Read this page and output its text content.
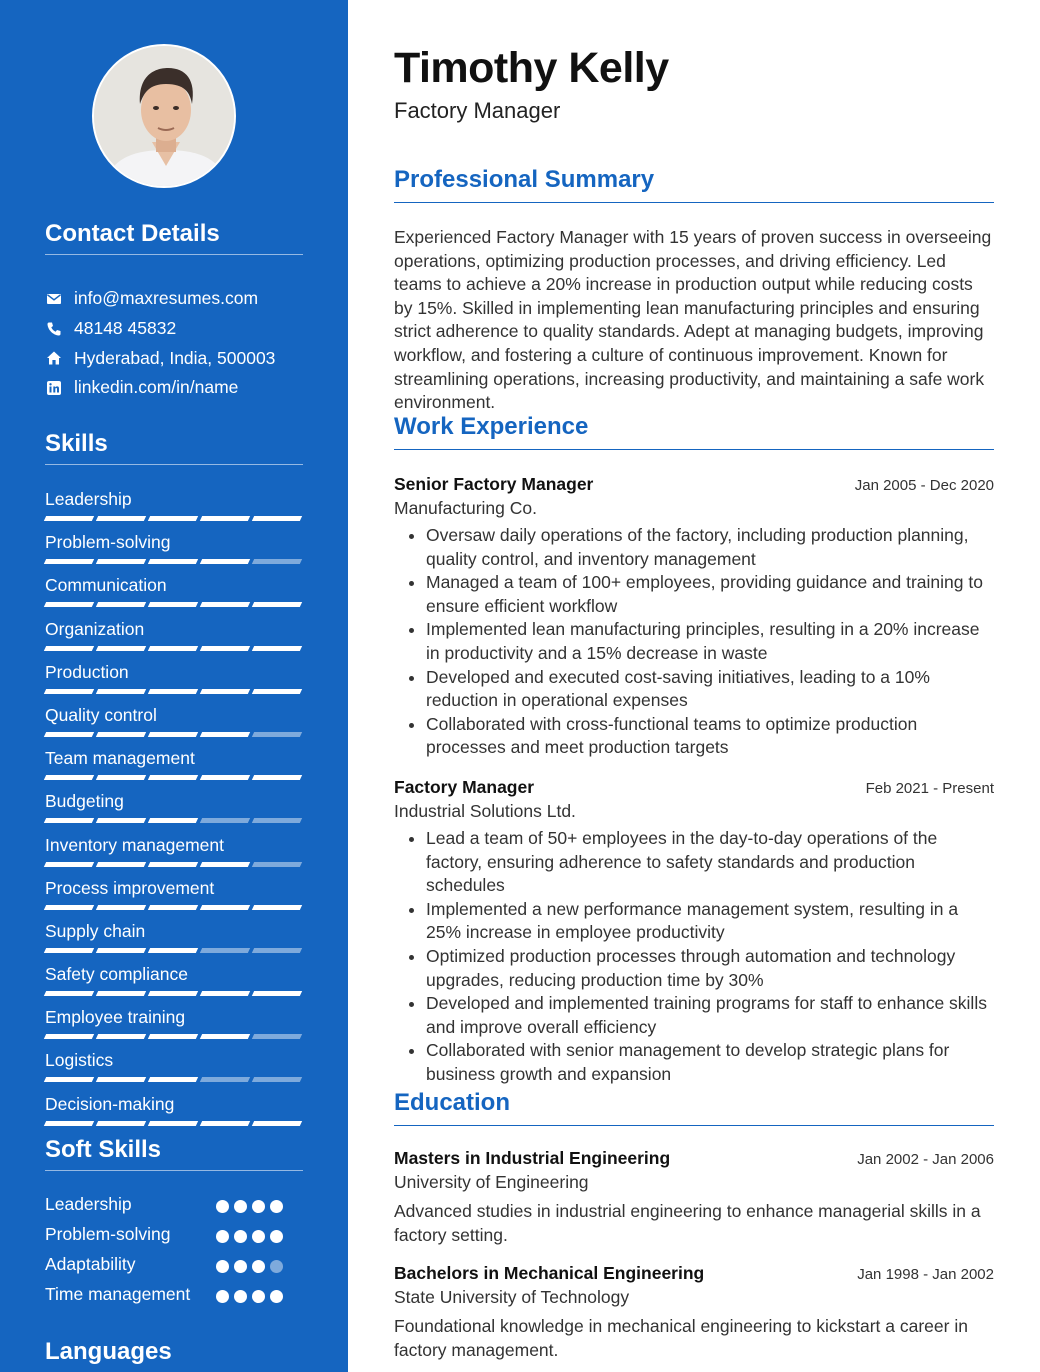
Contact Details
info@maxresumes.com
48148 45832
Hyderabad, India, 500003
linkedin.com/in/name
Skills
Leadership
Problem-solving
Communication
Organization
Production
Quality control
Team management
Budgeting
Inventory management
Process improvement
Supply chain
Safety compliance
Employee training
Logistics
Decision-making
Soft Skills
Leadership
Problem-solving
Adaptability
Time management
Languages
Timothy Kelly
Factory Manager
Professional Summary
Experienced Factory Manager with 15 years of proven success in overseeing operations, optimizing production processes, and driving efficiency. Led teams to achieve a 20% increase in production output while reducing costs by 15%. Skilled in implementing lean manufacturing principles and ensuring strict adherence to quality standards. Adept at managing budgets, improving workflow, and fostering a culture of continuous improvement. Known for streamlining operations, increasing productivity, and maintaining a safe work environment.
Work Experience
Senior Factory Manager	Jan 2005 - Dec 2020
Manufacturing Co.
• Oversaw daily operations of the factory, including production planning, quality control, and inventory management
• Managed a team of 100+ employees, providing guidance and training to ensure efficient workflow
• Implemented lean manufacturing principles, resulting in a 20% increase in productivity and a 15% decrease in waste
• Developed and executed cost-saving initiatives, leading to a 10% reduction in operational expenses
• Collaborated with cross-functional teams to optimize production processes and meet production targets
Factory Manager	Feb 2021 - Present
Industrial Solutions Ltd.
• Lead a team of 50+ employees in the day-to-day operations of the factory, ensuring adherence to safety standards and production schedules
• Implemented a new performance management system, resulting in a 25% increase in employee productivity
• Optimized production processes through automation and technology upgrades, reducing production time by 30%
• Developed and implemented training programs for staff to enhance skills and improve overall efficiency
• Collaborated with senior management to develop strategic plans for business growth and expansion
Education
Masters in Industrial Engineering	Jan 2002 - Jan 2006
University of Engineering
Advanced studies in industrial engineering to enhance managerial skills in a factory setting.
Bachelors in Mechanical Engineering	Jan 1998 - Jan 2002
State University of Technology
Foundational knowledge in mechanical engineering to kickstart a career in factory management.
